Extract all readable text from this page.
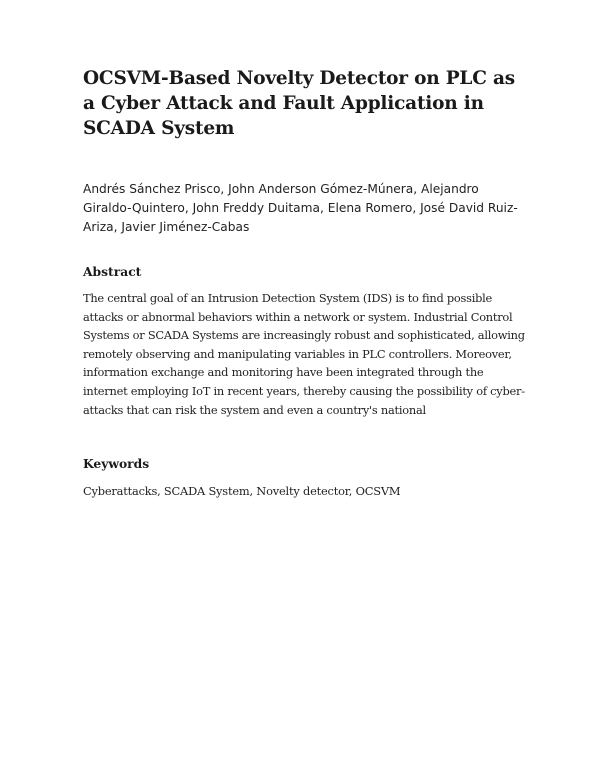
OCSVM-Based Novelty Detector on PLC as a Cyber Attack and Fault Application in SCADA System

Andrés Sánchez Prisco, John Anderson Gómez-Múnera, Alejandro Giraldo-Quintero, John Freddy Duitama, Elena Romero, José David Ruiz-Ariza, Javier Jiménez-Cabas

Abstract

The central goal of an Intrusion Detection System (IDS) is to find possible attacks or abnormal behaviors within a network or system. Industrial Control Systems or SCADA Systems are increasingly robust and sophisticated, allowing remotely observing and manipulating variables in PLC controllers. Moreover, information exchange and monitoring have been integrated through the internet employing IoT in recent years, thereby causing the possibility of cyber-attacks that can risk the system and even a country's national

Keywords

Cyberattacks, SCADA System, Novelty detector, OCSVM
